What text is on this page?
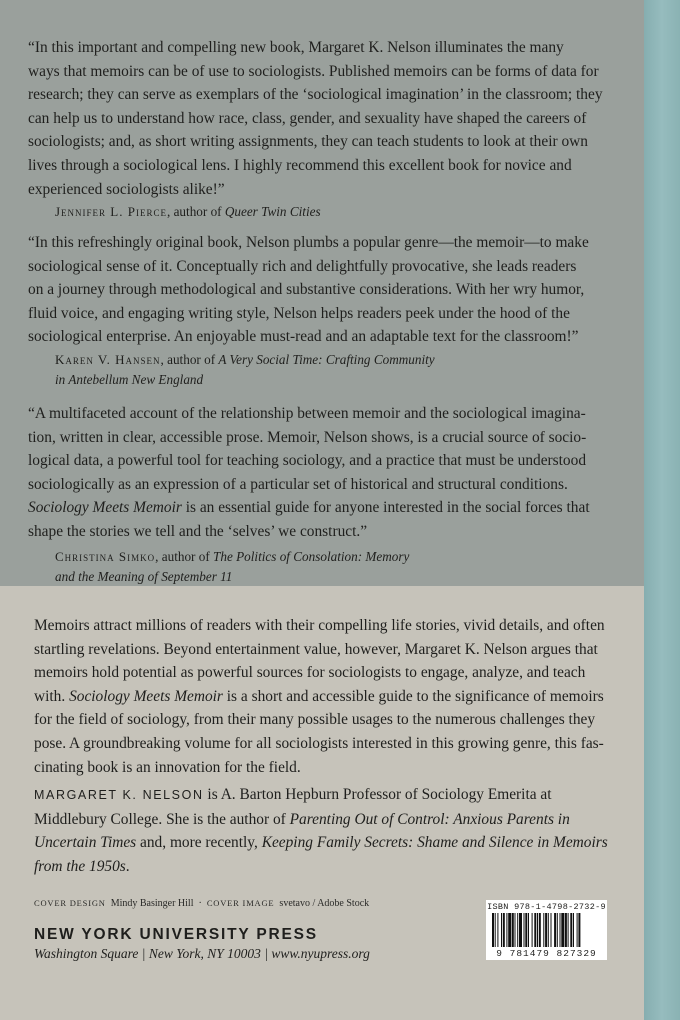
“In this important and compelling new book, Margaret K. Nelson illuminates the many
ways that memoirs can be of use to sociologists. Published memoirs can be forms of data for
research; they can serve as exemplars of the ‘sociological imagination’ in the classroom; they
can help us to understand how race, class, gender, and sexuality have shaped the careers of
sociologists; and, as short writing assignments, they can teach students to look at their own
lives through a sociological lens. I highly recommend this excellent book for novice and
experienced sociologists alike!”
Jennifer L. Pierce, author of Queer Twin Cities
“In this refreshingly original book, Nelson plumbs a popular genre—the memoir—to make
sociological sense of it. Conceptually rich and delightfully provocative, she leads readers
on a journey through methodological and substantive considerations. With her wry humor,
fluid voice, and engaging writing style, Nelson helps readers peek under the hood of the
sociological enterprise. An enjoyable must-read and an adaptable text for the classroom!”
Karen V. Hansen, author of A Very Social Time: Crafting Community
in Antebellum New England
“A multifaceted account of the relationship between memoir and the sociological imagina-
tion, written in clear, accessible prose. Memoir, Nelson shows, is a crucial source of socio-
logical data, a powerful tool for teaching sociology, and a practice that must be understood
sociologically as an expression of a particular set of historical and structural conditions.
Sociology Meets Memoir is an essential guide for anyone interested in the social forces that
shape the stories we tell and the ‘selves’ we construct.”
Christina Simko, author of The Politics of Consolation: Memory
and the Meaning of September 11
Memoirs attract millions of readers with their compelling life stories, vivid details, and often
startling revelations. Beyond entertainment value, however, Margaret K. Nelson argues that
memoirs hold potential as powerful sources for sociologists to engage, analyze, and teach
with. Sociology Meets Memoir is a short and accessible guide to the significance of memoirs
for the field of sociology, from their many possible usages to the numerous challenges they
pose. A groundbreaking volume for all sociologists interested in this growing genre, this fas-
cinating book is an innovation for the field.
MARGARET K. NELSON is A. Barton Hepburn Professor of Sociology Emerita at
Middlebury College. She is the author of Parenting Out of Control: Anxious Parents in
Uncertain Times and, more recently, Keeping Family Secrets: Shame and Silence in Memoirs
from the 1950s.
COVER DESIGN Mindy Basinger Hill · COVER IMAGE svetavo / Adobe Stock
NEW YORK UNIVERSITY PRESS
Washington Square | New York, NY 10003 | www.nyupress.org
ISBN 978-1-4798-2732-9
9 781479 827329
